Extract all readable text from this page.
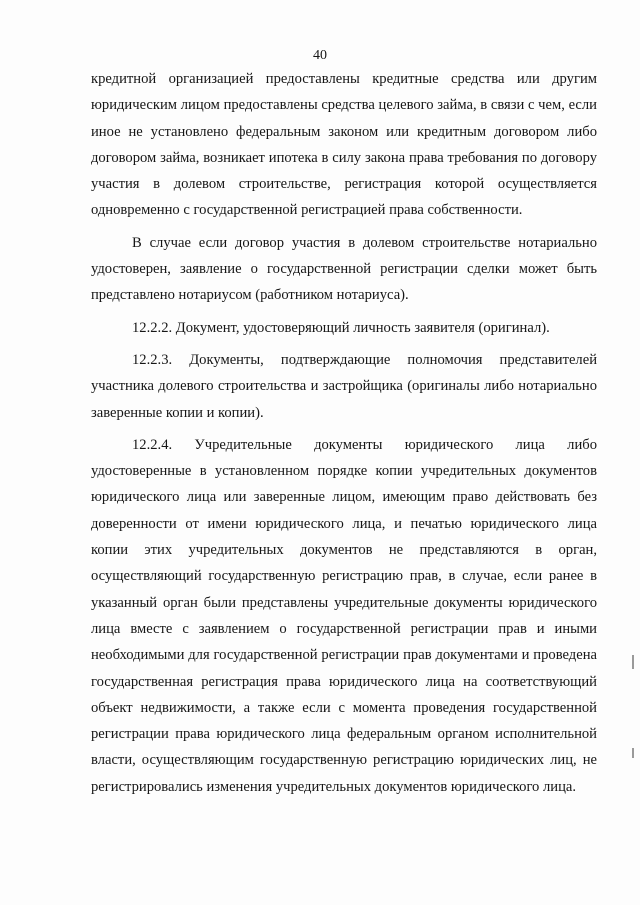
40

кредитной организацией предоставлены кредитные средства или другим юридическим лицом предоставлены средства целевого займа, в связи с чем, если иное не установлено федеральным законом или кредитным договором либо договором займа, возникает ипотека в силу закона права требования по договору участия в долевом строительстве, регистрация которой осуществляется одновременно с государственной регистрацией права собственности.

В случае если договор участия в долевом строительстве нотариально удостоверен, заявление о государственной регистрации сделки может быть представлено нотариусом (работником нотариуса).

12.2.2. Документ, удостоверяющий личность заявителя (оригинал).

12.2.3. Документы, подтверждающие полномочия представителей участника долевого строительства и застройщика (оригиналы либо нотариально заверенные копии и копии).

12.2.4. Учредительные документы юридического лица либо удостоверенные в установленном порядке копии учредительных документов юридического лица или заверенные лицом, имеющим право действовать без доверенности от имени юридического лица, и печатью юридического лица копии этих учредительных документов не представляются в орган, осуществляющий государственную регистрацию прав, в случае, если ранее в указанный орган были представлены учредительные документы юридического лица вместе с заявлением о государственной регистрации прав и иными необходимыми для государственной регистрации прав документами и проведена государственная регистрация права юридического лица на соответствующий объект недвижимости, а также если с момента проведения государственной регистрации права юридического лица федеральным органом исполнительной власти, осуществляющим государственную регистрацию юридических лиц, не регистрировались изменения учредительных документов юридического лица.
